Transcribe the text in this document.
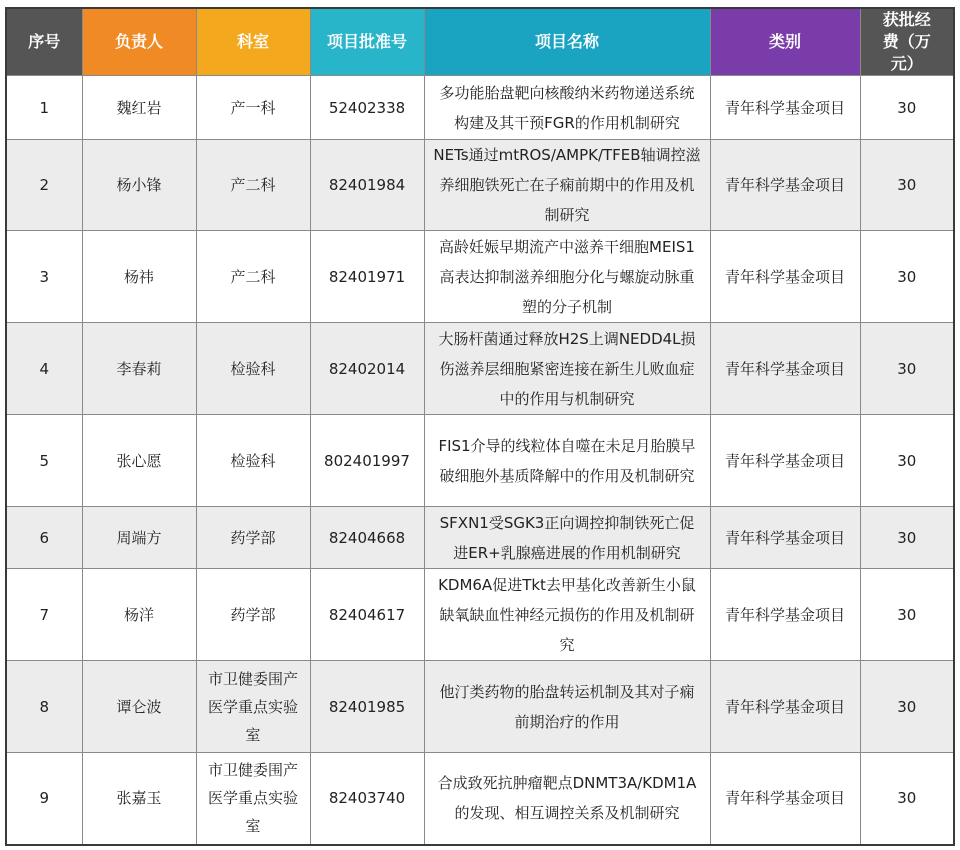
序号	负责人	科室	项目批准号	项目名称	类别	获批经费（万元）
1	魏红岩	产一科	52402338	多功能胎盘靶向核酸纳米药物递送系统构建及其干预FGR的作用机制研究	青年科学基金项目	30
2	杨小锋	产二科	82401984	NETs通过mtROS/AMPK/TFEB轴调控滋养细胞铁死亡在子痫前期中的作用及机制研究	青年科学基金项目	30
3	杨祎	产二科	82401971	高龄妊娠早期流产中滋养干细胞MEIS1高表达抑制滋养细胞分化与螺旋动脉重塑的分子机制	青年科学基金项目	30
4	李春莉	检验科	82402014	大肠杆菌通过释放H2S上调NEDD4L损伤滋养层细胞紧密连接在新生儿败血症中的作用与机制研究	青年科学基金项目	30
5	张心愿	检验科	802401997	FIS1介导的线粒体自噬在未足月胎膜早破细胞外基质降解中的作用及机制研究	青年科学基金项目	30
6	周端方	药学部	82404668	SFXN1受SGK3正向调控抑制铁死亡促进ER+乳腺癌进展的作用机制研究	青年科学基金项目	30
7	杨洋	药学部	82404617	KDM6A促进Tkt去甲基化改善新生小鼠缺氧缺血性神经元损伤的作用及机制研究	青年科学基金项目	30
8	谭仑波	市卫健委围产医学重点实验室	82401985	他汀类药物的胎盘转运机制及其对子痫前期治疗的作用	青年科学基金项目	30
9	张嘉玉	市卫健委围产医学重点实验室	82403740	合成致死抗肿瘤靶点DNMT3A/KDM1A的发现、相互调控关系及机制研究	青年科学基金项目	30
